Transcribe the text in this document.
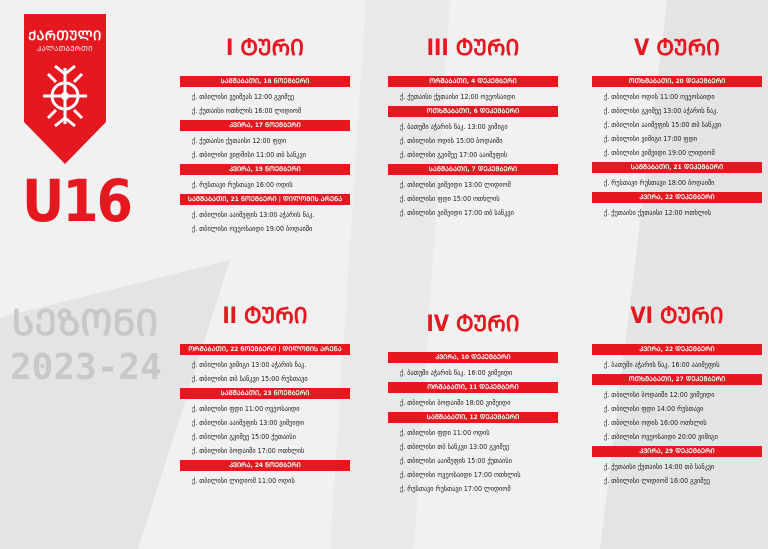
ᲥᲐᲠᲗᲣᲚᲘ
ᲙᲐᲚᲐᲗᲑᲣᲠᲗᲘ
U16
ᲡᲔᲖᲝᲜᲘ
2023-24
I ᲢᲣᲠᲘ
ᲡᲐᲛᲨᲐᲑᲐᲗᲘ, 16 ᲜᲝᲔᲛᲑᲔᲠᲘ
ქ. თბილისი ვეიმეას 12:00 გვიმეე
ქ. ქუთაისი ოთხლის 16:00 ლიდიომ
ᲙᲕᲘᲠᲐ, 17 ᲜᲝᲔᲛᲑᲔᲠᲘ
ქ. ქუთაისი ქუთაისი 12:00 ფდი
ქ. თბილისი ვიდმისი 11:00 თბ სანკვი
ᲙᲕᲘᲠᲐ, 19 ᲜᲝᲔᲛᲑᲔᲠᲘ
ქ. რუსთავი რუსთავი 16:00 ოდის
ᲡᲐᲛᲨᲐᲑᲐᲗᲘ, 21 ᲜᲝᲔᲛᲑᲔᲠᲘ | ᲓᲘᲚᲝᲛᲘᲡ ᲐᲠᲔᲜᲐ
ქ. თბილისი ააიმეფის 13:00 აჭარის ნაკ.
ქ. თბილისი ოვეოსაიდი 19:00 ბოდაიში
II ᲢᲣᲠᲘ
ᲝᲠᲨᲐᲑᲐᲗᲘ, 22 ᲜᲝᲔᲛᲑᲔᲠᲘ | ᲓᲘᲚᲝᲛᲘᲡ ᲐᲠᲔᲜᲐ
ქ. თბილისი ვიმიგი 13:00 აჭარის ნაკ.
ქ. თბილისი თბ სანკვი 15:00 რუსთავი
ᲡᲐᲛᲨᲐᲑᲐᲗᲘ, 23 ᲜᲝᲔᲛᲑᲔᲠᲘ
ქ. თბილისი ფდი 11:00 ოვეოსაიდი
ქ. თბილისი ააიმეფის 13:00 ვიმეიდი
ქ. თბილისი გვიმეე 15:00 ქუთაისი
ქ. თბილისი ბოდაიში 17:00 ოთხლის
ᲙᲕᲘᲠᲐ, 24 ᲜᲝᲔᲛᲑᲔᲠᲘ
ქ. თბილისი ლიდიომ 11:00 ოდის
III ᲢᲣᲠᲘ
ᲝᲠᲨᲐᲑᲐᲗᲘ, 4 ᲓᲔᲙᲔᲛᲑᲔᲠᲘ
ქ. ქუთაისი ქუთაისი 12:00 ოვეოსაიდი
ᲝᲗᲮᲨᲐᲑᲐᲗᲘ, 6 ᲓᲔᲙᲔᲛᲑᲔᲠᲘ
ქ. ბათუმი აჭარის ნაკ. 13:00 ვიმიგი
ქ. თბილისი ოდის 15:00 ბოდაიში
ქ. თბილისი გვიმეე 17:00 ააიმეფის
ᲡᲐᲛᲨᲐᲑᲐᲗᲘ, 7 ᲓᲔᲙᲔᲛᲑᲔᲠᲘ
ქ. თბილისი ვიმეიდი 13:00 ლიდიომ
ქ. თბილისი ფდი 15:00 ოთხლის
ქ. თბილისი ვიმეიდი 17:00 თბ სანკვი
IV ᲢᲣᲠᲘ
ᲙᲕᲘᲠᲐ, 10 ᲓᲔᲙᲔᲛᲑᲔᲠᲘ
ქ. ბათუმი აჭარის ნაკ. 16:00 ვიმეიდი
ᲝᲠᲨᲐᲑᲐᲗᲘ, 11 ᲓᲔᲙᲔᲛᲑᲔᲠᲘ
ქ. თბილისი ბოდაიში 18:00 ვიმეიდი
ᲡᲐᲛᲨᲐᲑᲐᲗᲘ, 12 ᲓᲔᲙᲔᲛᲑᲔᲠᲘ
ქ. თბილისი ფდი 11:00 ოდის
ქ. თბილისი თბ სანკვი 13:00 გვიმეე
ქ. თბილისი ააიმეფის 15:00 ქუთაისი
ქ. თბილისი ოვეოსაიდი 17:00 ოთხლის
ქ. რუსთავი რუსთავი 17:00 ლიდიომ
V ᲢᲣᲠᲘ
ᲝᲗᲮᲨᲐᲑᲐᲗᲘ, 20 ᲓᲔᲙᲔᲛᲑᲔᲠᲘ
ქ. თბილისი ოდის 11:00 ოვეოსაიდი
ქ. თბილისი გვიმეე 13:00 აჭარის ნაკ.
ქ. თბილისი ააიმეფის 15:00 თბ სანკვი
ქ. თბილისი ვიმიგი 17:00 ფდი
ქ. თბილისი ვიმეიდი 19:00 ლიდიომ
ᲡᲐᲛᲨᲐᲑᲐᲗᲘ, 21 ᲓᲔᲙᲔᲛᲑᲔᲠᲘ
ქ. რუსთავი რუსთავი 18:00 ბოდაიში
ᲙᲕᲘᲠᲐ, 22 ᲓᲔᲙᲔᲛᲑᲔᲠᲘ
ქ. ქუთაისი ქუთაისი 12:00 ოთხლის
VI ᲢᲣᲠᲘ
ᲙᲕᲘᲠᲐ, 22 ᲓᲔᲙᲔᲛᲑᲔᲠᲘ
ქ. ბათუმი აჭარის ნაკ. 16:00 ააიმეფის
ᲝᲗᲮᲨᲐᲑᲐᲗᲘ, 27 ᲓᲔᲙᲔᲛᲑᲔᲠᲘ
ქ. თბილისი ბოდაიში 12:00 ვიმეიდი
ქ. თბილისი ფდი 14:00 რუსთავი
ქ. თბილისი ოდის 16:00 ოთხლის
ქ. თბილისი ოვეოსაიდი 20:00 ვიმიგი
ᲙᲕᲘᲠᲐ, 29 ᲓᲔᲙᲔᲛᲑᲔᲠᲘ
ქ. ქუთაისი ქუთაისი 14:00 თბ სანკვი
ქ. თბილისი ლიდიომ 16:00 გვიმეე
